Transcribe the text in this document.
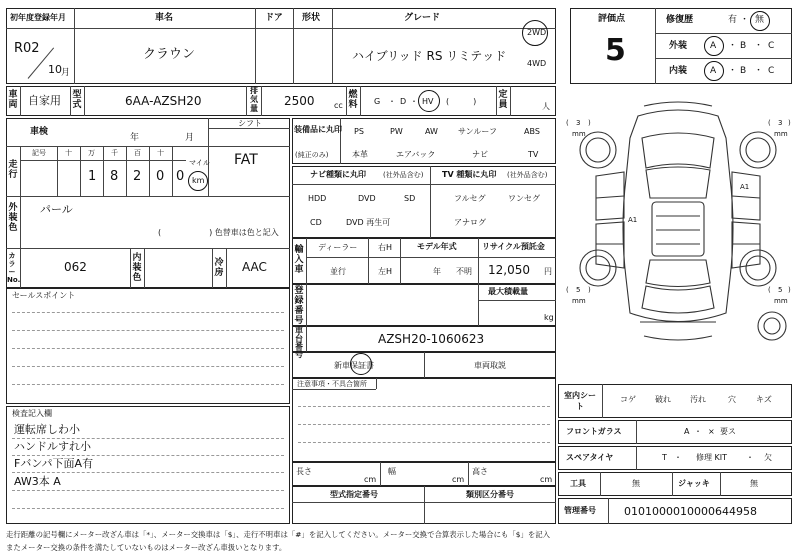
初年度登録年月
R02
10 月
車名
クラウン
ドア 形状	グレード
ハイブリッド RS リミテッド
2WD
4WD
評価点
5
修復歴	有 ・ 無
外装	A ・ B ・ C
内装	A ・ B ・ C
車両 自家用 型式	6AA-AZSH20
排気量
2500 cc
燃料 G ・ D ・ HV (　　　)
定員	人
車検
年	月
シフト
FAT
走行
記号	十 万 千 百 十
1 8 2 0 0
マイル
km
外装色
パール
(　　　　　　) 色替車は色と記入
カラーNo.
062
内装色
冷房 AAC
セールスポイント
検査記入欄
運転席しわ小
ハンドルすれ小
Fバンパ下面A有
AW3本 A
装備品に丸印
(純正のみ)
PS	PW	AW	サンルーフ	ABS
本革	エアバック	ナビ	TV
ナビ種類に丸印 (社外品含む) TV 種類に丸印 (社外品含む)
HDD	DVD	SD
CD	DVD 再生可
フルセグ	ワンセグ
アナログ
輸入車
ディーラー
並行
右H
左H
モデル年式
年 不明
リサイクル預託金
12,050 円
登録番号
最大積載量
kg
車台番号
AZSH20-1060623
新車保証書	車両取説
注意事項・不具合箇所
長さ
cm
幅
cm
高さ
cm
型式指定番号	類別区分番号
A1
A1
( 3 )
mm
( 3 )
mm
( 5 )
mm
( 5 )
mm
室内シート
コゲ 破れ 汚れ	穴	キズ
フロントガラス	A ・ × 要ス
スペアタイヤ	T ・ 修理 KIT ・ 欠
工具	無	ジャッキ	無
管理番号	0101000010000644958
走行距離の記号欄にメーター改ざん車は「*」、メーター交換車は「$」、走行不明車は「#」を記入してください。メーター交換で合算表示した場合にも「$」を記入
またメーター交換の条件を満たしていないものはメーター改ざん車扱いとなります。
